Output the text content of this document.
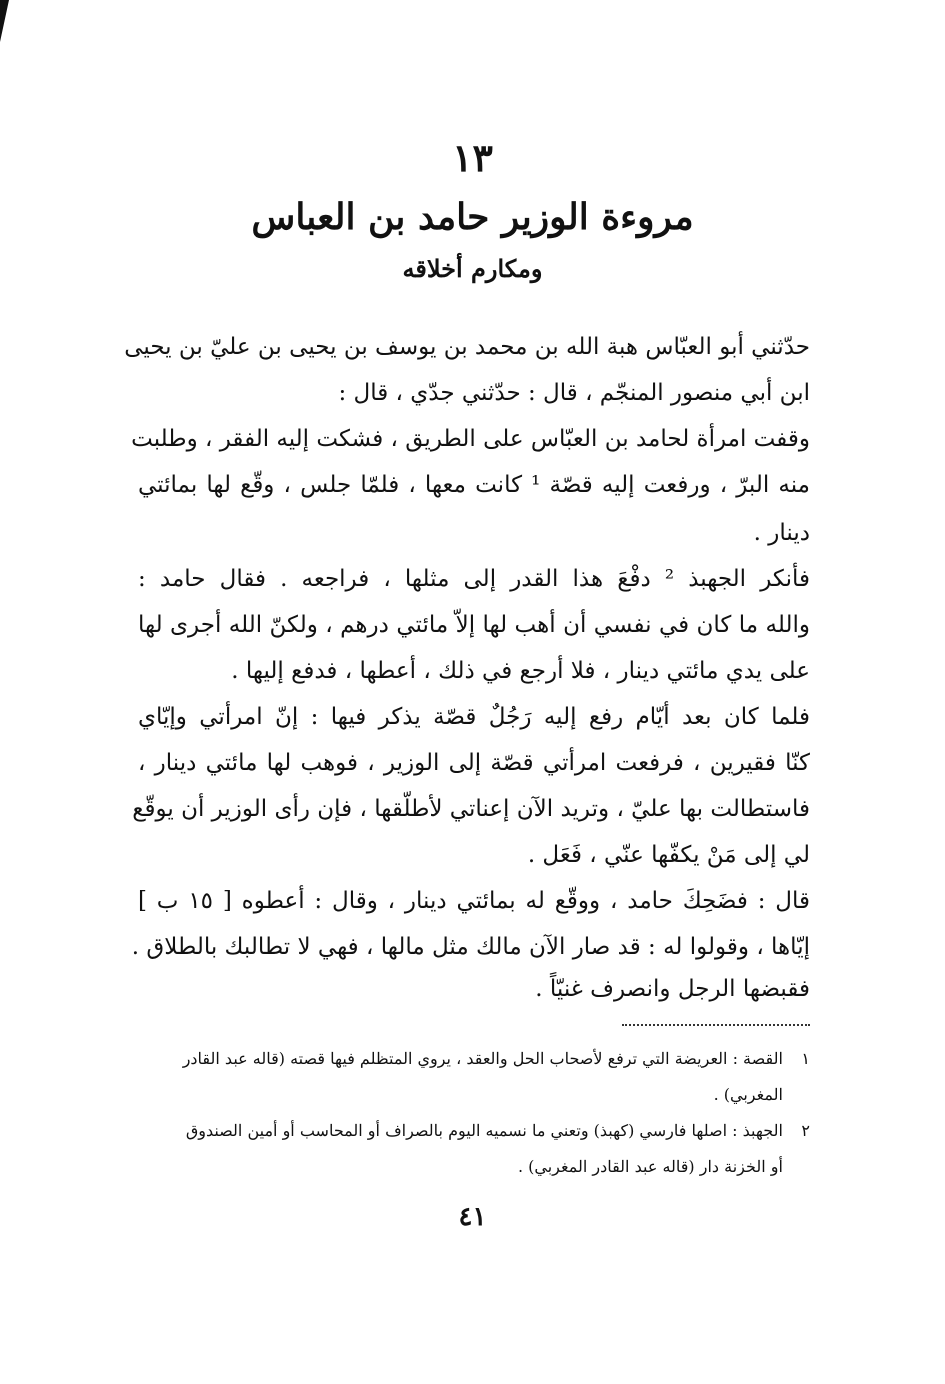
١٣
مروءة الوزير حامد بن العباس
ومكارم أخلاقه
حدّثني أبو العبّاس هبة الله بن محمد بن يوسف بن يحيى بن عليّ بن يحيى
ابن أبي منصور المنجّم ، قال : حدّثني جدّي ، قال :
وقفت امرأة لحامد بن العبّاس على الطريق ، فشكت إليه الفقر ، وطلبت
منه البرّ ، ورفعت إليه قصّة ¹ كانت معها ، فلمّا جلس ، وقّع لها بمائتي
دينار .
فأنكر الجهبذ ² دفْعَ هذا القدر إلى مثلها ، فراجعه . فقال حامد :
والله ما كان في نفسي أن أهب لها إلاّ مائتي درهم ، ولكنّ الله أجرى لها
على يدي مائتي دينار ، فلا أرجع في ذلك ، أعطها ، فدفع إليها .
فلما كان بعد أيّام رفع إليه رَجُلٌ قصّة يذكر فيها : إنّ امرأتي وإيّاي
كنّا فقيرين ، فرفعت امرأتي قصّة إلى الوزير ، فوهب لها مائتي دينار ،
فاستطالت بها عليّ ، وتريد الآن إعناتي لأطلّقها ، فإن رأى الوزير أن يوقّع
لي إلى مَنْ يكفّها عنّي ، فَعَل .
قال : فضَحِكَ حامد ، ووقّع له بمائتي دينار ، وقال : أعطوه [ ١٥ ب ]
إيّاها ، وقولوا له : قد صار الآن مالك مثل مالها ، فهي لا تطالبك بالطلاق .
فقبضها الرجل وانصرف غنيّاً .
١ القصة : العريضة التي ترفع لأصحاب الحل والعقد ، يروي المتظلم فيها قصته (قاله عبد القادر
المغربي) .
٢ الجهبذ : اصلها فارسي (كهبذ) وتعني ما نسميه اليوم بالصراف أو المحاسب أو أمين الصندوق
أو الخزنة دار (قاله عبد القادر المغربي) .
٤١
